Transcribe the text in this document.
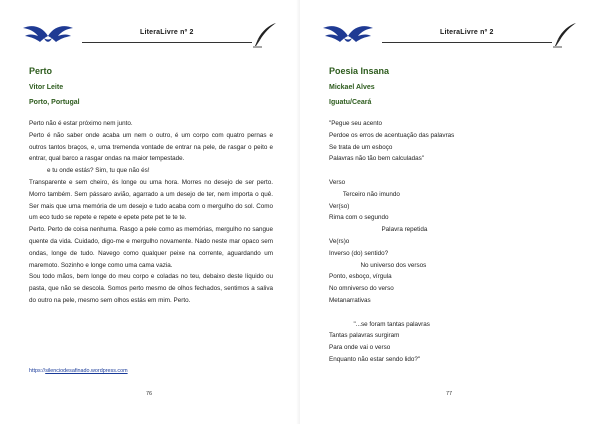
LiteraLivre nº 2
Perto
Vitor Leite
Porto, Portugal

Perto não é estar próximo nem junto.

Perto é não saber onde acaba um nem o outro, é um corpo com quatro pernas e outros tantos braços, e, uma tremenda vontade de entrar na pele, de rasgar o peito e entrar, qual barco a rasgar ondas na maior tempestade.

e tu onde estás? Sim, tu que não és!

Transparente e sem cheiro, és longe ou uma hora. Morres no desejo de ser perto. Morro também. Sem pássaro avião, agarrado a um desejo de ter, nem importa o quê. Ser mais que uma memória de um desejo e tudo acaba com o mergulho do sol. Como um eco tudo se repete e repete e epete pete pet te te te.

Perto. Perto de coisa nenhuma. Rasgo a pele como as memórias, mergulho no sangue quente da vida. Cuidado, digo-me e mergulho novamente. Nado neste mar opaco sem ondas, longe de tudo. Navego como qualquer peixe na corrente, aguardando um maremoto. Sozinho e longe como uma cama vazia.

Sou todo mãos, bem longe do meu corpo e coladas no teu, debaixo deste líquido ou pasta, que não se descola. Somos perto mesmo de olhos fechados, sentimos a saliva do outro na pele, mesmo sem olhos estás em mim. Perto.

https://silenciodesafinado.wordpress.com
76
LiteraLivre nº 2
Poesia Insana
Mickael Alves
Iguatu/Ceará
"Pegue seu acento
Perdoe os erros de acentuação das palavras
Se trata de um esboço
Palavras não tão bem calculadas"
Verso
Terceiro não imundo
Ver(so)
Rima com o segundo
Palavra repetida
Ve(rs)o
Inverso (do) sentido?
No universo dos versos
Ponto, esboço, vírgula
No omniverso do verso
Metanarrativas
"...se foram tantas palavras
Tantas palavras surgiram
Para onde vai o verso
Enquanto não estar sendo lido?"
77
